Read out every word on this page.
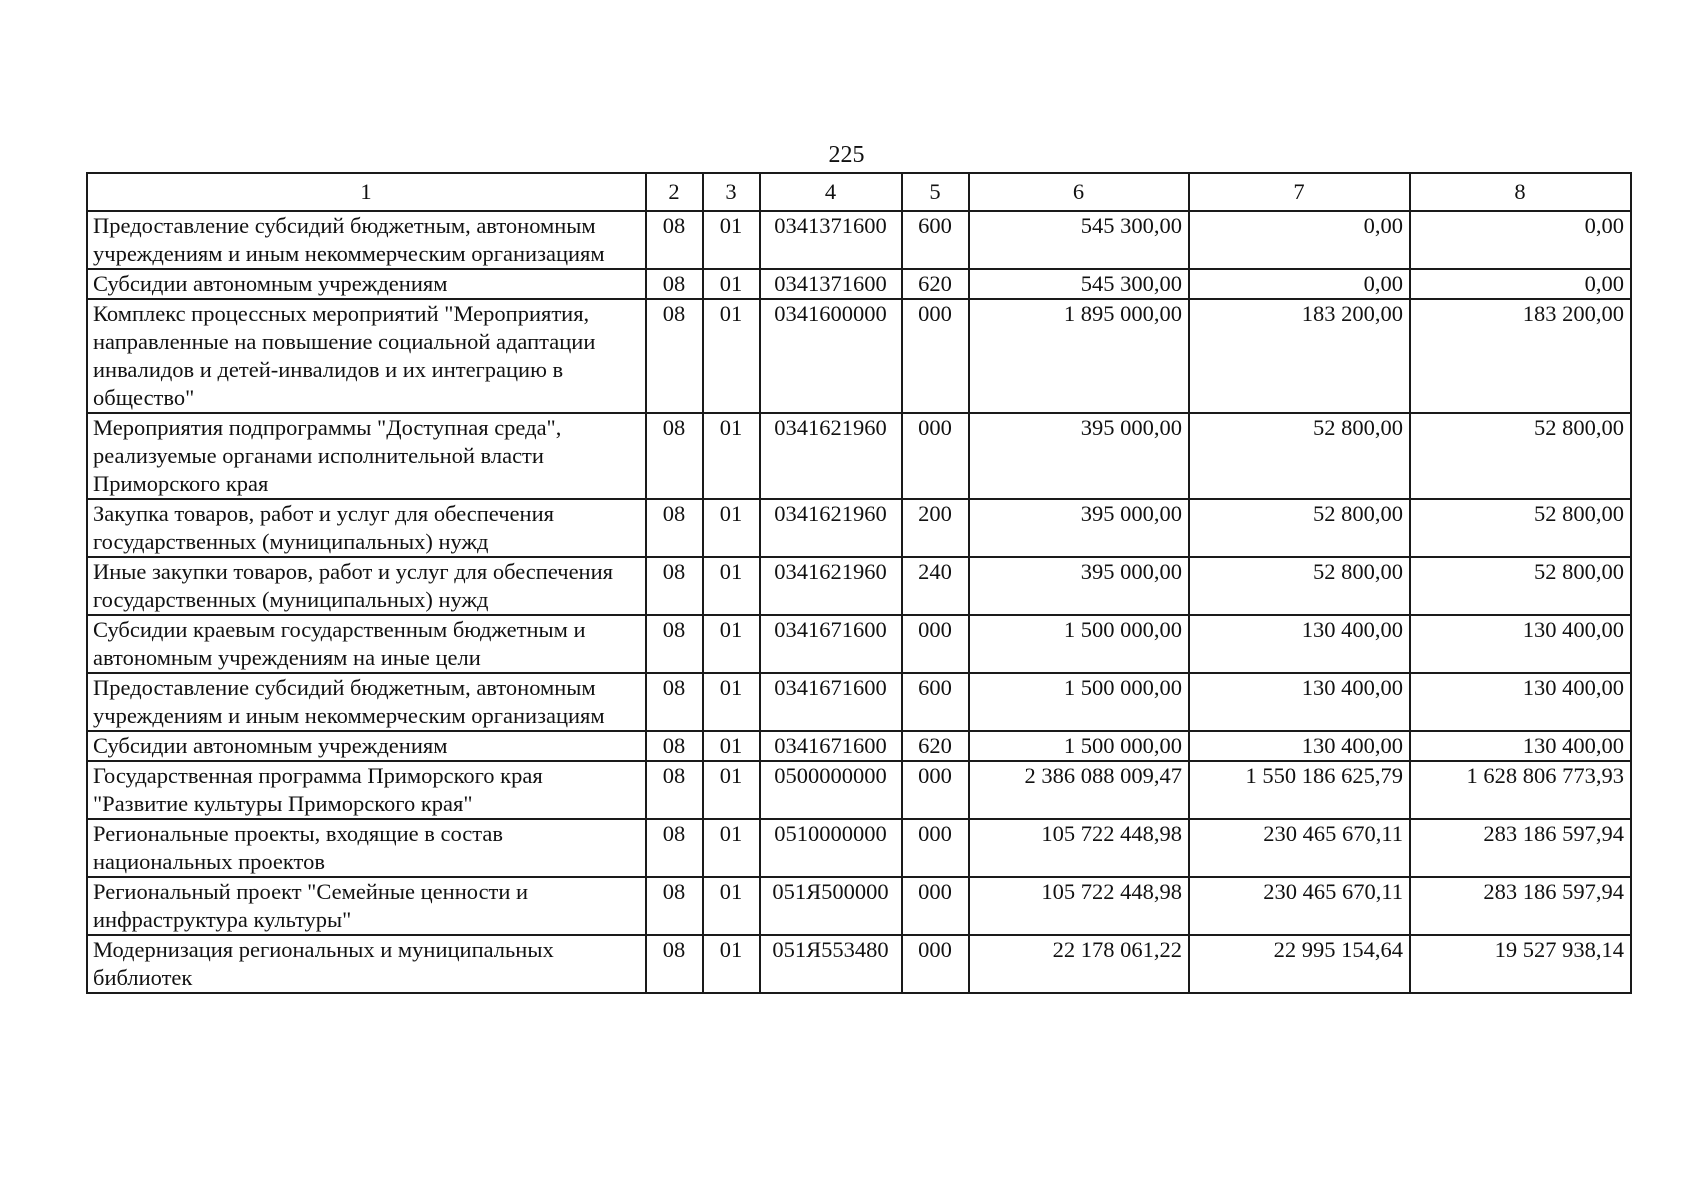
225
1	2	3	4	5	6	7	8
Предоставление субсидий бюджетным, автономным учреждениям и иным некоммерческим организациям	08	01	0341371600	600	545 300,00	0,00	0,00
Субсидии автономным учреждениям	08	01	0341371600	620	545 300,00	0,00	0,00
Комплекс процессных мероприятий "Мероприятия, направленные на повышение социальной адаптации инвалидов и детей-инвалидов и их интеграцию в общество"	08	01	0341600000	000	1 895 000,00	183 200,00	183 200,00
Мероприятия подпрограммы "Доступная среда", реализуемые органами исполнительной власти Приморского края	08	01	0341621960	000	395 000,00	52 800,00	52 800,00
Закупка товаров, работ и услуг для обеспечения государственных (муниципальных) нужд	08	01	0341621960	200	395 000,00	52 800,00	52 800,00
Иные закупки товаров, работ и услуг для обеспечения государственных (муниципальных) нужд	08	01	0341621960	240	395 000,00	52 800,00	52 800,00
Субсидии краевым государственным бюджетным и автономным учреждениям на иные цели	08	01	0341671600	000	1 500 000,00	130 400,00	130 400,00
Предоставление субсидий бюджетным, автономным учреждениям и иным некоммерческим организациям	08	01	0341671600	600	1 500 000,00	130 400,00	130 400,00
Субсидии автономным учреждениям	08	01	0341671600	620	1 500 000,00	130 400,00	130 400,00
Государственная программа Приморского края "Развитие культуры Приморского края"	08	01	0500000000	000	2 386 088 009,47	1 550 186 625,79	1 628 806 773,93
Региональные проекты, входящие в состав национальных проектов	08	01	0510000000	000	105 722 448,98	230 465 670,11	283 186 597,94
Региональный проект "Семейные ценности и инфраструктура культуры"	08	01	051Я500000	000	105 722 448,98	230 465 670,11	283 186 597,94
Модернизация региональных и муниципальных библиотек	08	01	051Я553480	000	22 178 061,22	22 995 154,64	19 527 938,14
